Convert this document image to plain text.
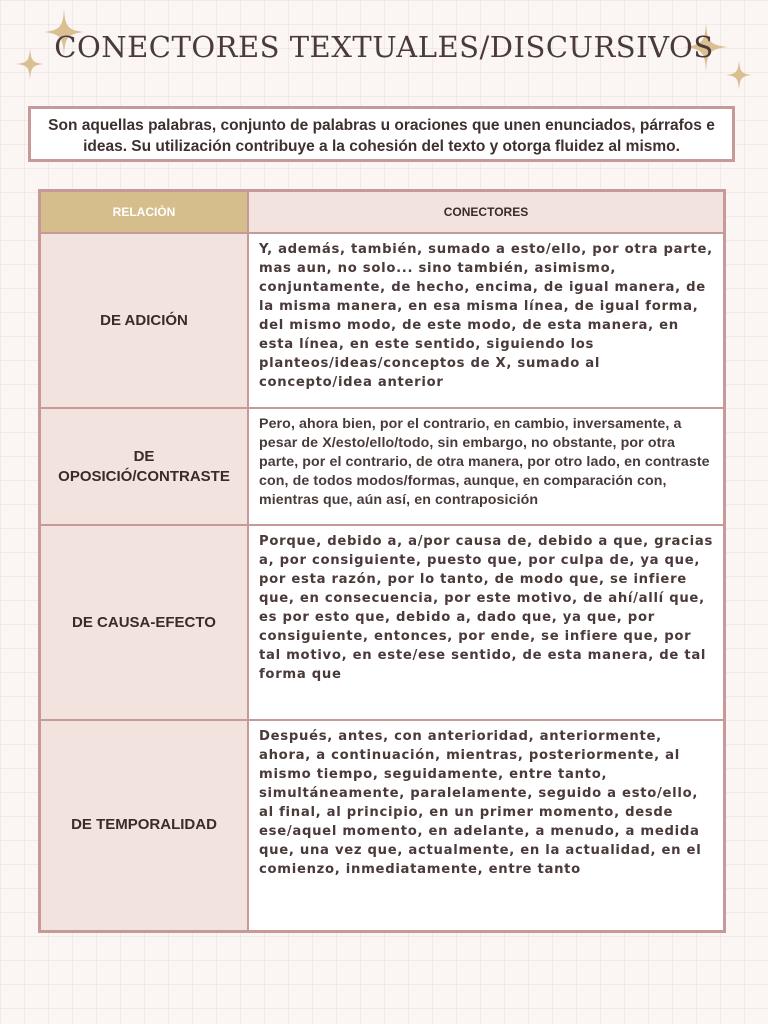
CONECTORES TEXTUALES/DISCURSIVOS
Son aquellas palabras, conjunto de palabras u oraciones que unen enunciados, párrafos e ideas. Su utilización contribuye a la cohesión del texto y otorga fluidez al mismo.
RELACIÒN	CONECTORES
DE ADICIÓN	Y, además, también, sumado a esto/ello, por otra parte, mas aun, no solo... sino también, asimismo, conjuntamente, de hecho, encima, de igual manera, de la misma manera, en esa misma línea, de igual forma, del mismo modo, de este modo, de esta manera, en esta línea, en este sentido, siguiendo los planteos/ideas/conceptos de X, sumado al concepto/idea anterior
DE OPOSICIÓ/CONTRASTE	Pero, ahora bien, por el contrario, en cambio, inversamente, a pesar de X/esto/ello/todo, sin embargo, no obstante, por otra parte, por el contrario, de otra manera, por otro lado, en contraste con, de todos modos/formas, aunque, en comparación con, mientras que, aún así, en contraposición
DE CAUSA-EFECTO	Porque, debido a, a/por causa de, debido a que, gracias a, por consiguiente, puesto que, por culpa de, ya que, por esta razón, por lo tanto, de modo que, se infiere que, en consecuencia, por este motivo, de ahí/allí que, es por esto que, debido a, dado que, ya que, por consiguiente, entonces, por ende, se infiere que, por tal motivo, en este/ese sentido, de esta manera, de tal forma que
DE TEMPORALIDAD	Después, antes, con anterioridad, anteriormente, ahora, a continuación, mientras, posteriormente, al mismo tiempo, seguidamente, entre tanto, simultáneamente, paralelamente, seguido a esto/ello, al final, al principio, en un primer momento, desde ese/aquel momento, en adelante, a menudo, a medida que, una vez que, actualmente, en la actualidad, en el comienzo, inmediatamente, entre tanto
